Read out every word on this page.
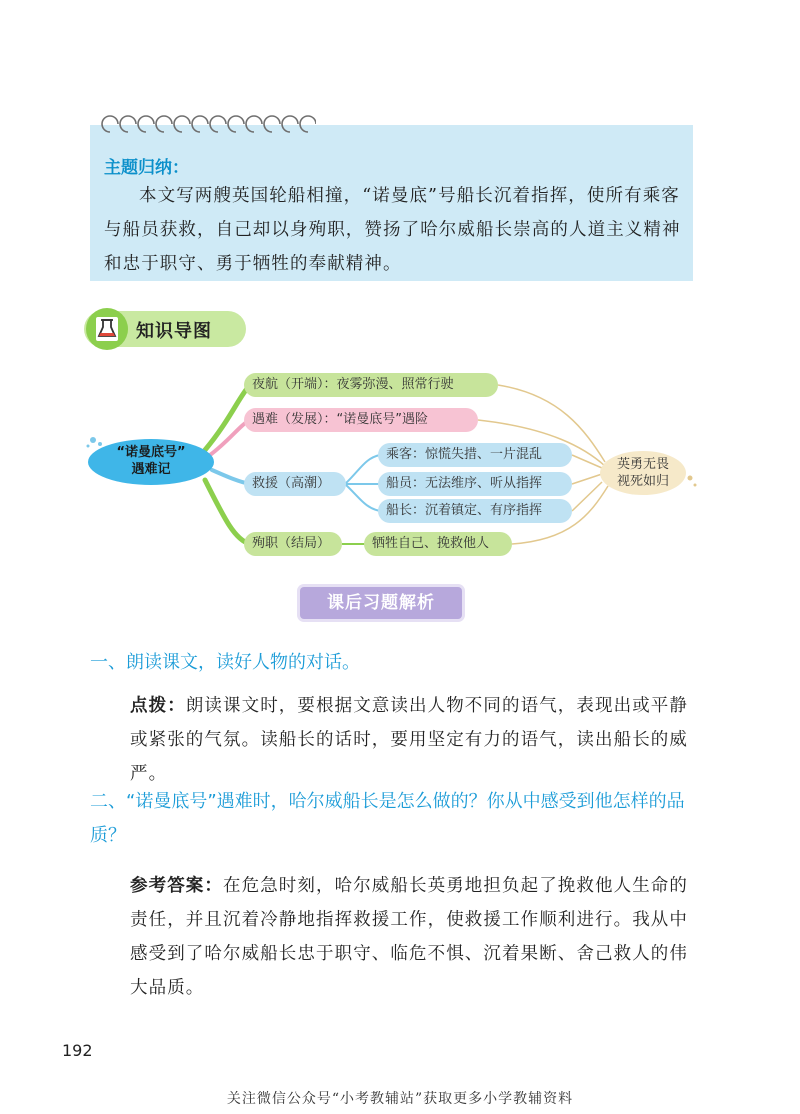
主题归纳：
本文写两艘英国轮船相撞，“诺曼底”号船长沉着指挥，使所有乘客与船员获救，自己却以身殉职，赞扬了哈尔威船长崇高的人道主义精神和忠于职守、勇于牺牲的奉献精神。
知识导图
“诺曼底号”
遇难记
夜航（开端）：夜雾弥漫、照常行驶
遇难（发展）：“诺曼底号”遇险
救援（高潮）
殉职（结局）
乘客：惊慌失措、一片混乱
船员：无法维序、听从指挥
船长：沉着镇定、有序指挥
牺牲自己、挽救他人
英勇无畏
视死如归
课后习题解析
一、朗读课文，读好人物的对话。
点拨：朗读课文时，要根据文意读出人物不同的语气，表现出或平静或紧张的气氛。读船长的话时，要用坚定有力的语气，读出船长的威严。
二、“诺曼底号”遇难时，哈尔威船长是怎么做的？你从中感受到他怎样的品质？
参考答案：在危急时刻，哈尔威船长英勇地担负起了挽救他人生命的责任，并且沉着冷静地指挥救援工作，使救援工作顺利进行。我从中感受到了哈尔威船长忠于职守、临危不惧、沉着果断、舍己救人的伟大品质。
192
关注微信公众号“小考教辅站”获取更多小学教辅资料
